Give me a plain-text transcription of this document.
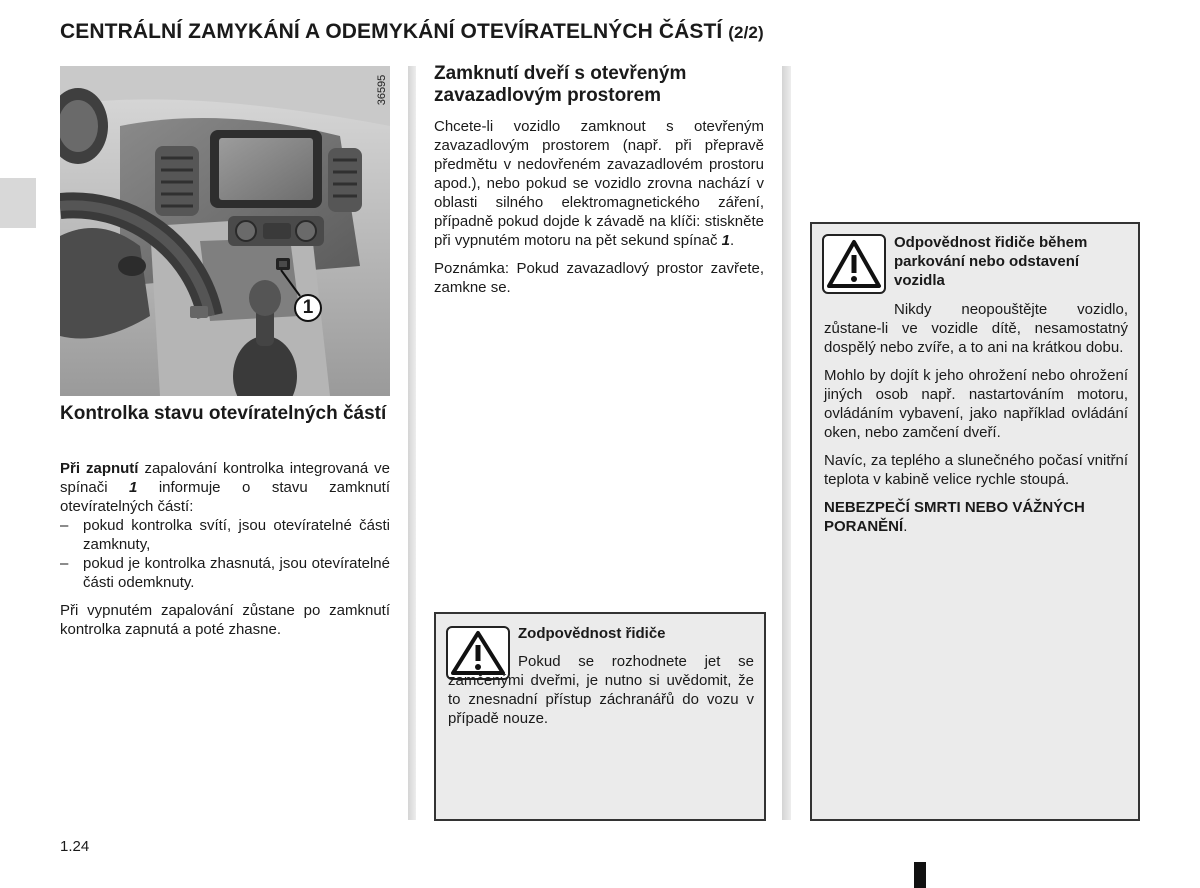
CENTRÁLNÍ ZAMYKÁNÍ A ODEMYKÁNÍ OTEVÍRATELNÝCH ČÁSTÍ (2/2)
36595
1
Kontrolka stavu otevíratelných částí

Při zapnutí zapalování kontrolka integrovaná ve spínači 1 informuje o stavu zamknutí otevíratelných částí:

– pokud kontrolka svítí, jsou otevíratelné části zamknuty,
– pokud je kontrolka zhasnutá, jsou otevíratelné části odemknuty.

Při vypnutém zapalování zůstane po zamknutí kontrolka zapnutá a poté zhasne.

Zamknutí dveří s otevřeným zavazadlovým prostorem

Chcete-li vozidlo zamknout s otevřeným zavazadlovým prostorem (např. při přepravě předmětu v nedovřeném zavazadlovém prostoru apod.), nebo pokud se vozidlo zrovna nachází v oblasti silného elektromagnetického záření, případně pokud dojde k závadě na klíči: stiskněte při vypnutém motoru na pět sekund spínač 1.

Poznámka: Pokud zavazadlový prostor zavřete, zamkne se.

Zodpovědnost řidiče

Pokud se rozhodnete jet se zamčenými dveřmi, je nutno si uvědomit, že to znesnadní přístup záchranářů do vozu v případě nouze.

Odpovědnost řidiče během parkování nebo odstavení vozidla

Nikdy neopouštějte vozidlo, zůstane-li ve vozidle dítě, nesamostatný dospělý nebo zvíře, a to ani na krátkou dobu.

Mohlo by dojít k jeho ohrožení nebo ohrožení jiných osob např. nastartováním motoru, ovládáním vybavení, jako například ovládání oken, nebo zamčení dveří.

Navíc, za teplého a slunečného počasí vnitřní teplota v kabině velice rychle stoupá.

NEBEZPEČÍ SMRTI NEBO VÁŽNÝCH PORANĚNÍ.

1.24
